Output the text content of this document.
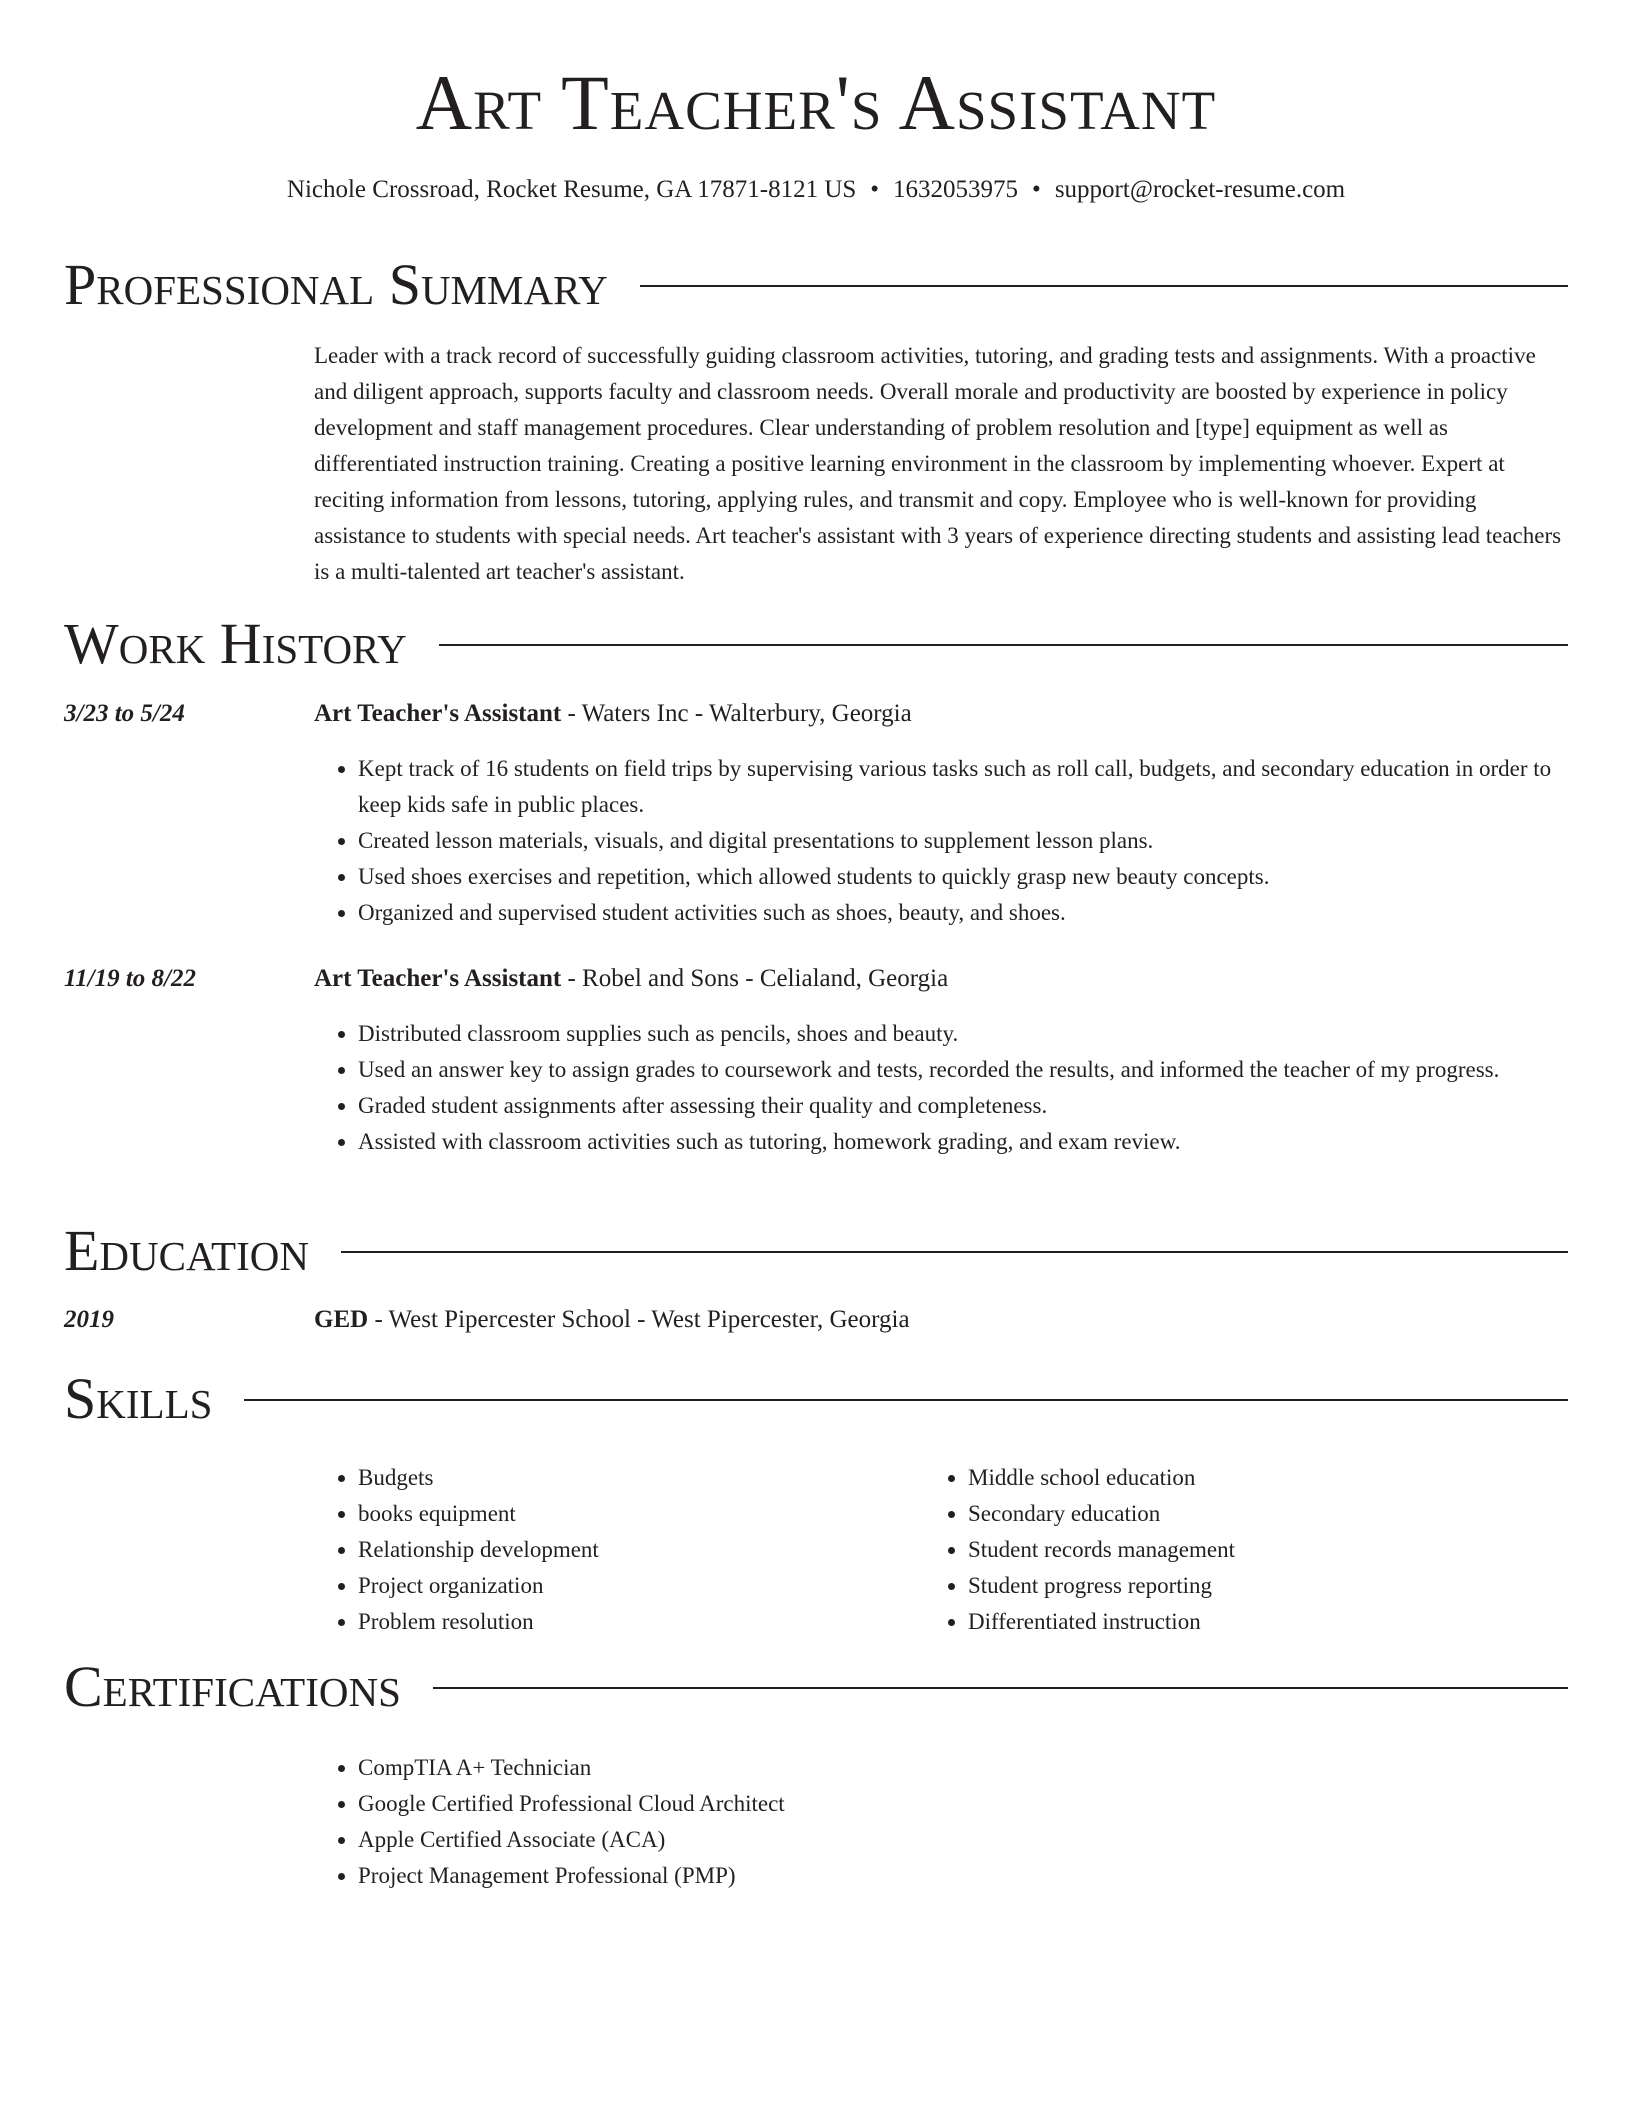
Art Teacher's Assistant
Nichole Crossroad, Rocket Resume, GA 17871-8121 US • 1632053975 • support@rocket-resume.com
Professional Summary

Leader with a track record of successfully guiding classroom activities, tutoring, and grading tests and assignments. With a proactive and diligent approach, supports faculty and classroom needs. Overall morale and productivity are boosted by experience in policy development and staff management procedures. Clear understanding of problem resolution and [type] equipment as well as differentiated instruction training. Creating a positive learning environment in the classroom by implementing whoever. Expert at reciting information from lessons, tutoring, applying rules, and transmit and copy. Employee who is well-known for providing assistance to students with special needs. Art teacher's assistant with 3 years of experience directing students and assisting lead teachers is a multi-talented art teacher's assistant.

Work History
3/23 to 5/24	Art Teacher's Assistant - Waters Inc - Walterbury, Georgia
• Kept track of 16 students on field trips by supervising various tasks such as roll call, budgets, and secondary education in order to keep kids safe in public places.
• Created lesson materials, visuals, and digital presentations to supplement lesson plans.
• Used shoes exercises and repetition, which allowed students to quickly grasp new beauty concepts.
• Organized and supervised student activities such as shoes, beauty, and shoes.
11/19 to 8/22	Art Teacher's Assistant - Robel and Sons - Celialand, Georgia
• Distributed classroom supplies such as pencils, shoes and beauty.
• Used an answer key to assign grades to coursework and tests, recorded the results, and informed the teacher of my progress.
• Graded student assignments after assessing their quality and completeness.
• Assisted with classroom activities such as tutoring, homework grading, and exam review.
Education
2019	GED - West Pipercester School - West Pipercester, Georgia
Skills
• Budgets
• books equipment
• Relationship development
• Project organization
• Problem resolution
• Middle school education
• Secondary education
• Student records management
• Student progress reporting
• Differentiated instruction
Certifications
• CompTIA A+ Technician
• Google Certified Professional Cloud Architect
• Apple Certified Associate (ACA)
• Project Management Professional (PMP)
